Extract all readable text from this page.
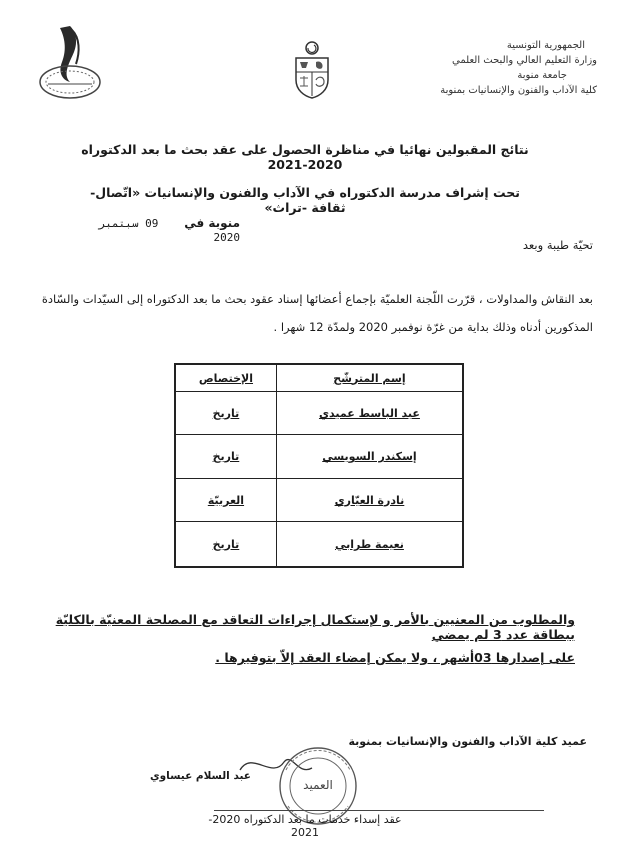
الجمهورية التونسية
وزارة التعليم العالي والبحث العلمي
جامعة منوبة
كلية الآداب والفنون والإنسانيات بمنوبة
نتائج المقبولين نهائيا في مناظرة الحصول على عقد بحث ما بعد الدكتوراه 2020-2021
تحت إشراف مدرسة الدكتوراه في الآداب والفنون والإنسانيات «اتّصال-ثقافة -تراث»
منوبة في 09 سبتمبر 2020
تحيّة طيبة وبعد
بعد النقاش والمداولات ، قرّرت اللّجنة العلميّة بإجماع أعضائها إسناد عقود بحث ما بعد الدكتوراه إلى السيّدات والسّادة
المذكورين أدناه وذلك بداية من غرّة نوفمبر 2020 ولمدّة 12 شهرا .
إسم المترشّح	الإختصاص
عبد الباسط عميدي	تاريخ
إسكندر السويسي	تاريخ
نادرة العيّاري	العربيّة
نعيمة طرابي	تاريخ
والمطلوب من المعنيين بالأمر و لإستكمال إجراءات التعاقد مع المصلحة المعنيّة بالكليّة ببطاقة عدد 3 لم يمضي
على إصدارها 03أشهر ، ولا يمكن إمضاء العقد إلاّ بتوفيرها .
عميد كلية الآداب والفنون والإنسانيات بمنوبة
عبد السلام عيساوي
العميد
عقد إسداء خدمات ما بعد الدكتوراه 2020-2021
